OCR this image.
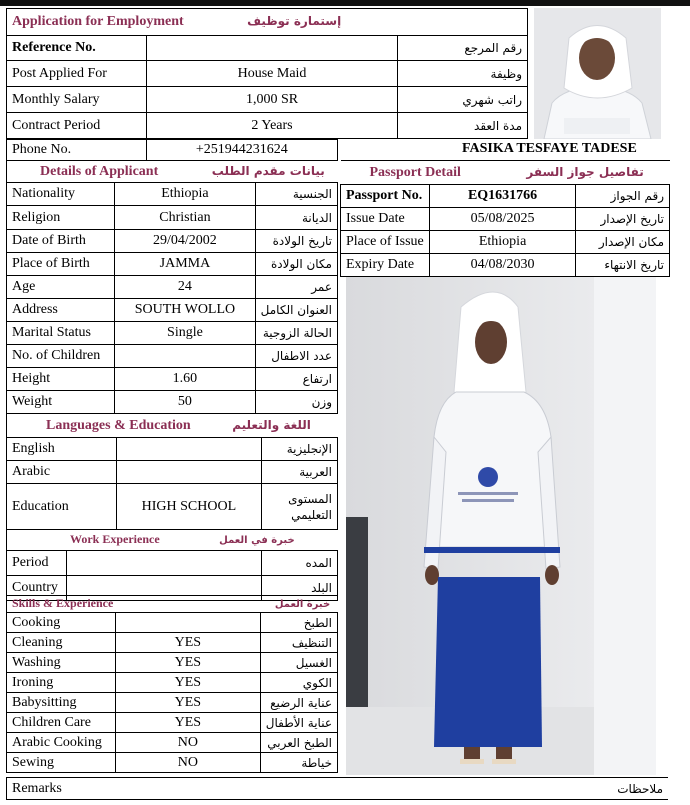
Application for Employment إستمارة توظيف		
Reference No.		رقم المرجع
Post Applied For	House Maid	وظيفة
Monthly Salary	1,000 SR	راتب شهري
Contract Period	2 Years	مدة العقد
Phone No.	+251944231624	FASIKA TESFAYE TADESE
Details of Applicant بيانات مقدم الطلب		
Nationality	Ethiopia	الجنسية
Religion	Christian	الديانة
Date of Birth	29/04/2002	تاريخ الولادة
Place of Birth	JAMMA	مكان الولادة
Age	24	عمر
Address	SOUTH WOLLO	العنوان الكامل
Marital Status	Single	الحالة الزوجية
No. of Children		عدد الاطفال
Height	1.60	ارتفاع
Weight	50	وزن
Languages & Education اللغة والتعليم		
English		الإنجليزية
Arabic		العربية
Education	HIGH SCHOOL	المستوى التعليمي
Work Experience خبرة في العمل		
Period		المده
Country		البلد
Skills & Experience خبرة العمل		
Cooking		الطبخ
Cleaning	YES	التنظيف
Washing	YES	الغسيل
Ironing	YES	الكوي
Babysitting	YES	عناية الرضيع
Children Care	YES	عناية الأطفال
Arabic Cooking	NO	الطبخ العربي
Sewing	NO	خياطة
Remarks	ملاحظات
Passport Detail تفاصيل جواز السفر		
Passport No.	EQ1631766	رقم الجواز
Issue Date	05/08/2025	تاريخ الإصدار
Place of Issue	Ethiopia	مكان الإصدار
Expiry Date	04/08/2030	تاريخ الانتهاء
